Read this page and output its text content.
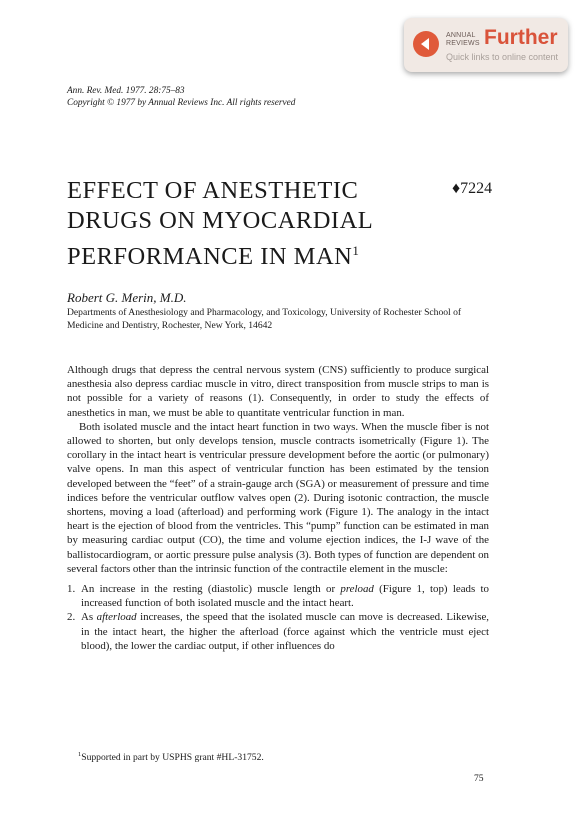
ANNUAL
REVIEWS Further
Quick links to online content
Ann. Rev. Med. 1977. 28:75–83
Copyright © 1977 by Annual Reviews Inc. All rights reserved
EFFECT OF ANESTHETIC
DRUGS ON MYOCARDIAL
PERFORMANCE IN MAN$^1$
♦7224
Robert G. Merin, M.D.
Departments of Anesthesiology and Pharmacology, and Toxicology, University of Rochester School of Medicine and Dentistry, Rochester, New York, 14642

Although drugs that depress the central nervous system (CNS) sufficiently to produce surgical anesthesia also depress cardiac muscle in vitro, direct transposition from muscle strips to man is not possible for a variety of reasons (1). Consequently, in order to study the effects of anesthetics in man, we must be able to quantitate ventricular function in man.

Both isolated muscle and the intact heart function in two ways. When the muscle fiber is not allowed to shorten, but only develops tension, muscle contracts isometrically (Figure 1). The corollary in the intact heart is ventricular pressure development before the aortic (or pulmonary) valve opens. In man this aspect of ventricular function has been estimated by the tension developed between the “feet” of a strain-gauge arch (SGA) or measurement of pressure and time indices before the ventricular outflow valves open (2). During isotonic contraction, the muscle shortens, moving a load (afterload) and performing work (Figure 1). The analogy in the intact heart is the ejection of blood from the ventricles. This “pump” function can be estimated in man by measuring cardiac output (CO), the time and volume ejection indices, the I-J wave of the ballistocardiogram, or aortic pressure pulse analysis (3). Both types of function are dependent on several factors other than the intrinsic function of the contractile element in the muscle:

1. An increase in the resting (diastolic) muscle length or preload (Figure 1, top) leads to increased function of both isolated muscle and the intact heart.
2. As afterload increases, the speed that the isolated muscle can move is decreased. Likewise, in the intact heart, the higher the afterload (force against which the ventricle must eject blood), the lower the cardiac output, if other influences do
$^1$Supported in part by USPHS grant #HL-31752.
75
